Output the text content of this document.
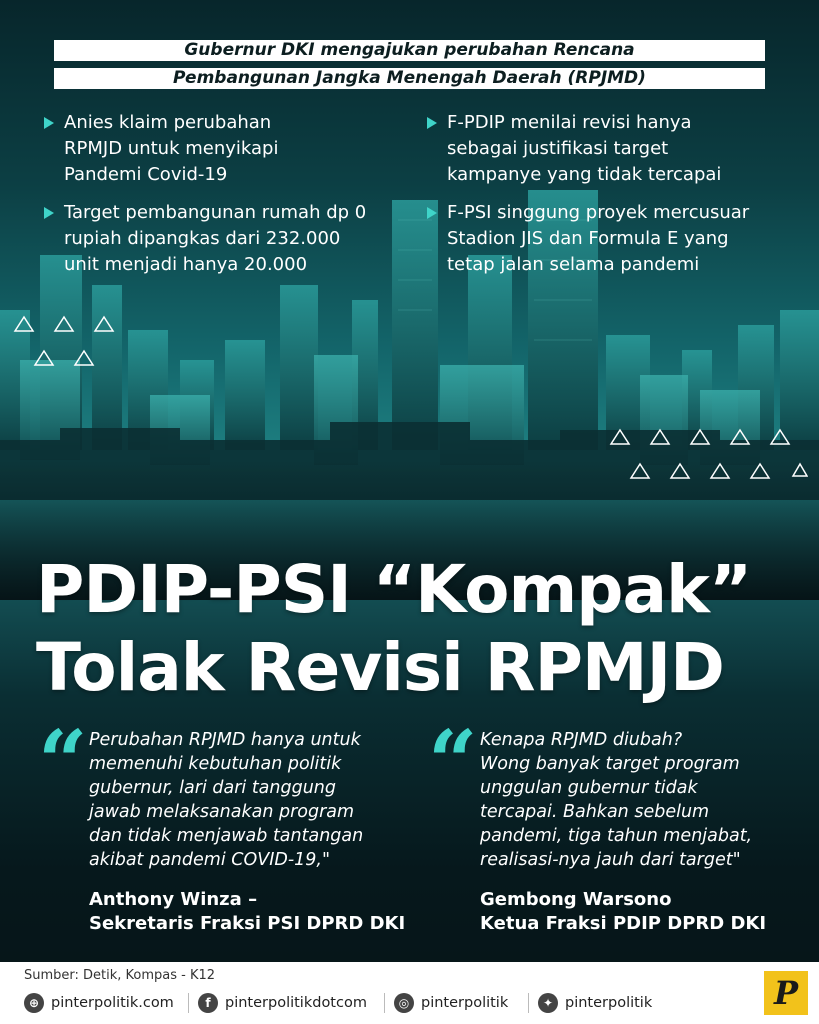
Gubernur DKI mengajukan perubahan Rencana
Pembangunan Jangka Menengah Daerah (RPJMD)
Anies klaim perubahan
RPMJD untuk menyikapi
Pandemi Covid-19
Target pembangunan rumah dp 0
rupiah dipangkas dari 232.000
unit menjadi hanya 20.000
F-PDIP menilai revisi hanya
sebagai justifikasi target
kampanye yang tidak tercapai
F-PSI singgung proyek mercusuar
Stadion JIS dan Formula E yang
tetap jalan selama pandemi
PDIP-PSI “Kompak”
Tolak Revisi RPMJD
“ Perubahan RPJMD hanya untuk
memenuhi kebutuhan politik
gubernur, lari dari tanggung
jawab melaksanakan program
dan tidak menjawab tantangan
akibat pandemi COVID-19,"
Anthony Winza –
Sekretaris Fraksi PSI DPRD DKI
“ Kenapa RPJMD diubah?
Wong banyak target program
unggulan gubernur tidak
tercapai. Bahkan sebelum
pandemi, tiga tahun menjabat,
realisasi-nya jauh dari target"
Gembong Warsono
Ketua Fraksi PDIP DPRD DKI
Sumber: Detik, Kompas - K12
⊕ pinterpolitik.com	f pinterpolitikdotcom	◎ pinterpolitik	✦ pinterpolitik	P
